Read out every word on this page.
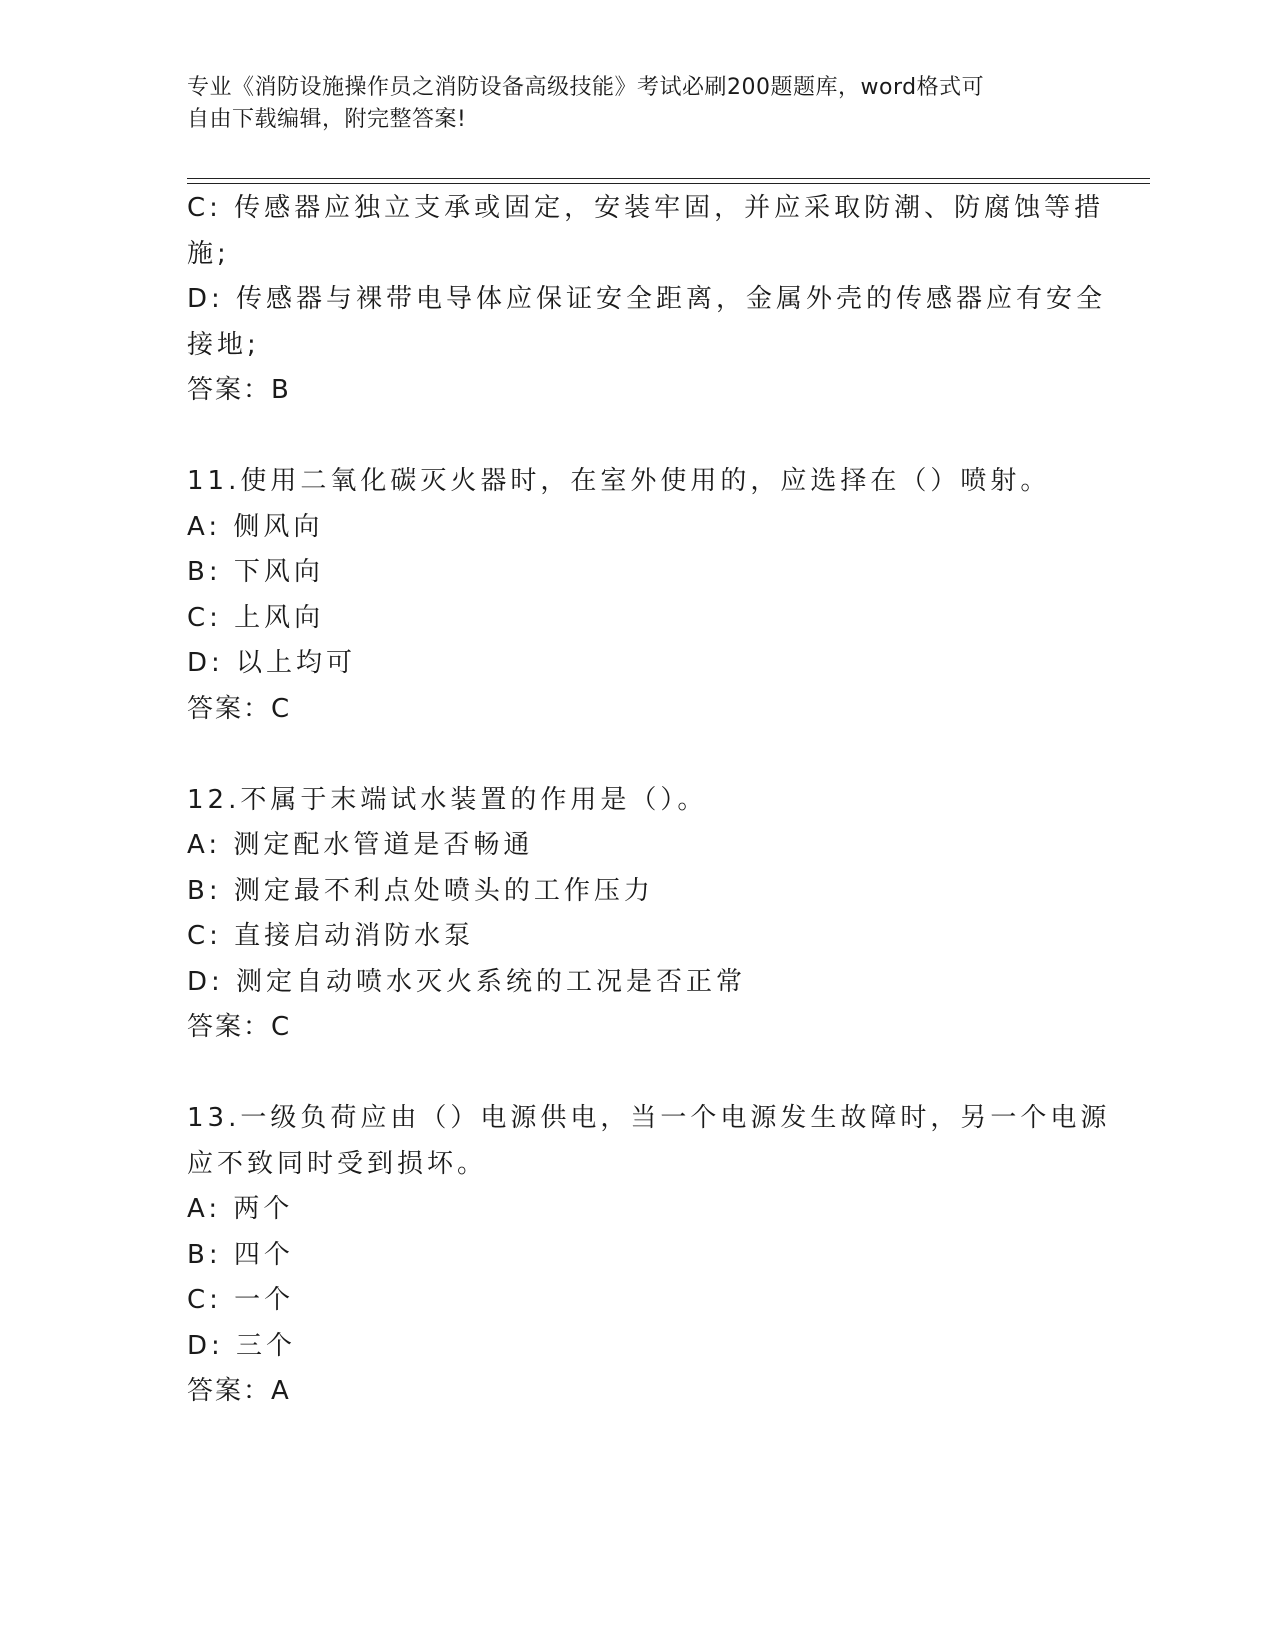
专业《消防设施操作员之消防设备高级技能》考试必刷200题题库，word格式可
自由下载编辑，附完整答案!
C: 传感器应独立支承或固定，安装牢固，并应采取防潮、防腐蚀等措
施;
D: 传感器与裸带电导体应保证安全距离，金属外壳的传感器应有安全
接地;
答案：B
11.使用二氧化碳灭火器时，在室外使用的，应选择在（）喷射。
A: 侧风向
B: 下风向
C: 上风向
D: 以上均可
答案：C
12.不属于末端试水装置的作用是（）。
A: 测定配水管道是否畅通
B: 测定最不利点处喷头的工作压力
C: 直接启动消防水泵
D: 测定自动喷水灭火系统的工况是否正常
答案：C
13.一级负荷应由（）电源供电，当一个电源发生故障时，另一个电源
应不致同时受到损坏。
A: 两个
B: 四个
C: 一个
D: 三个
答案：A
